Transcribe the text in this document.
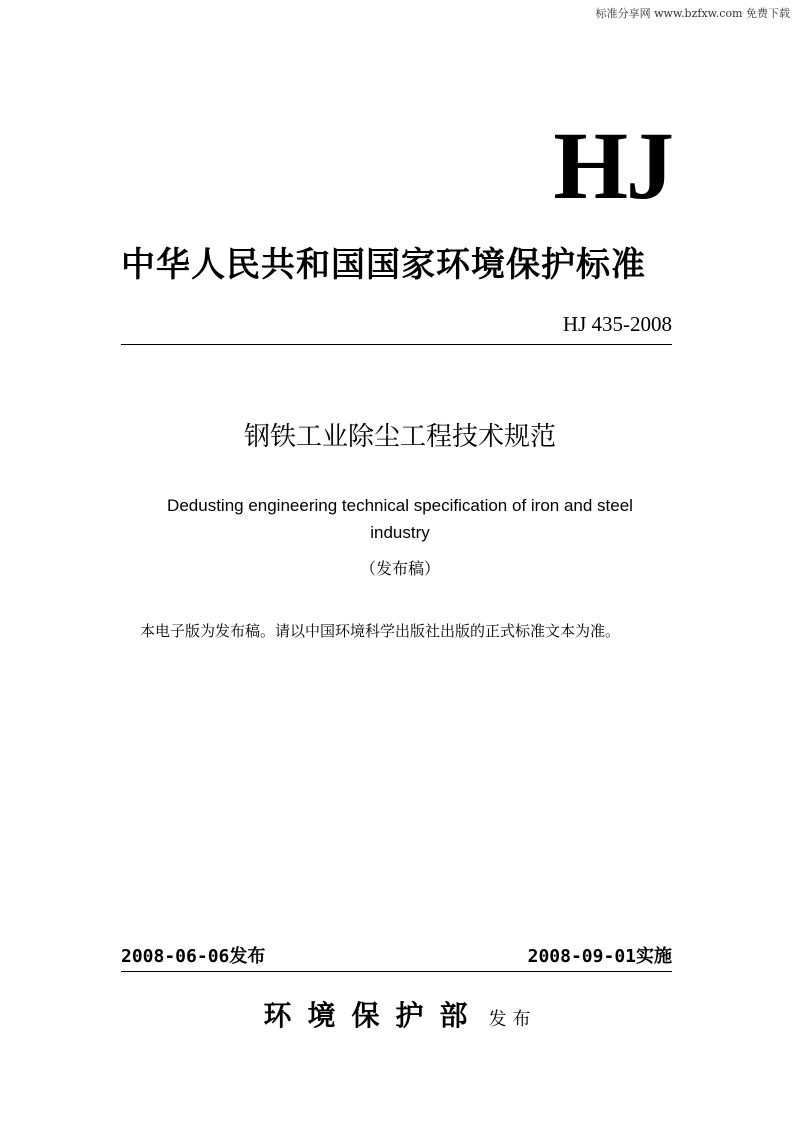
标准分享网 www.bzfxw.com 免费下载
HJ
中华人民共和国国家环境保护标准
HJ 435-2008
钢铁工业除尘工程技术规范
Dedusting engineering technical specification of iron and steel
industry
（发布稿）
本电子版为发布稿。请以中国环境科学出版社出版的正式标准文本为准。
2008-06-06发布	2008-09-01实施
环境保护部 发布
